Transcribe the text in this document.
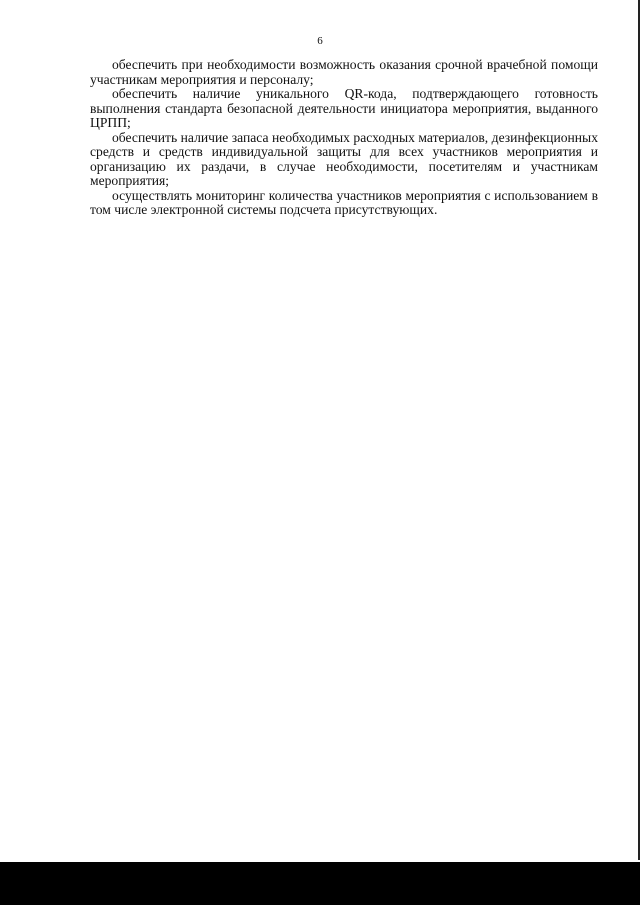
6

обеспечить при необходимости возможность оказания срочной врачебной помощи участникам мероприятия и персоналу;

обеспечить наличие уникального QR-кода, подтверждающего готовность выполнения стандарта безопасной деятельности инициатора мероприятия, выданного ЦРПП;

обеспечить наличие запаса необходимых расходных материалов, дезинфекционных средств и средств индивидуальной защиты для всех участников мероприятия и организацию их раздачи, в случае необходимости, посетителям и участникам мероприятия;

осуществлять мониторинг количества участников мероприятия с использованием в том числе электронной системы подсчета присутствующих.
